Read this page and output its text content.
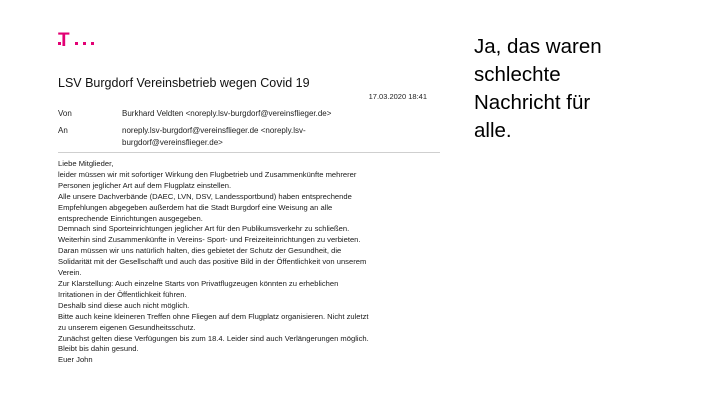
T
LSV Burgdorf Vereinsbetrieb wegen Covid 19
17.03.2020 18:41
Von	Burkhard Veldten <noreply.lsv-burgdorf@vereinsflieger.de>
An	noreply.lsv-burgdorf@vereinsflieger.de <noreply.lsv-
burgdorf@vereinsflieger.de>
Liebe Mitglieder,
leider müssen wir mit sofortiger Wirkung den Flugbetrieb und Zusammenkünfte mehrerer
Personen jeglicher Art auf dem Flugplatz einstellen.
Alle unsere Dachverbände (DAEC, LVN, DSV, Landessportbund) haben entsprechende
Empfehlungen abgegeben außerdem hat die Stadt Burgdorf eine Weisung an alle
entsprechende Einrichtungen ausgegeben.
Demnach sind Sporteinrichtungen jeglicher Art für den Publikumsverkehr zu schließen.
Weiterhin sind Zusammenkünfte in Vereins- Sport- und Freizeiteinrichtungen zu verbieten.
Daran müssen wir uns natürlich halten, dies gebietet der Schutz der Gesundheit, die
Solidarität mit der Gesellschafft und auch das positive Bild in der Öffentlichkeit von unserem
Verein.
Zur Klarstellung: Auch einzelne Starts von Privatflugzeugen könnten zu erheblichen
Irritationen in der Öffentlichkeit führen.
Deshalb sind diese auch nicht möglich.
Bitte auch keine kleineren Treffen ohne Fliegen auf dem Flugplatz organisieren. Nicht zuletzt
zu unserem eigenen Gesundheitsschutz.
Zunächst gelten diese Verfügungen bis zum 18.4. Leider sind auch Verlängerungen möglich.
Bleibt bis dahin gesund.
Euer John
Ja, das waren
schlechte
Nachricht für
alle.
